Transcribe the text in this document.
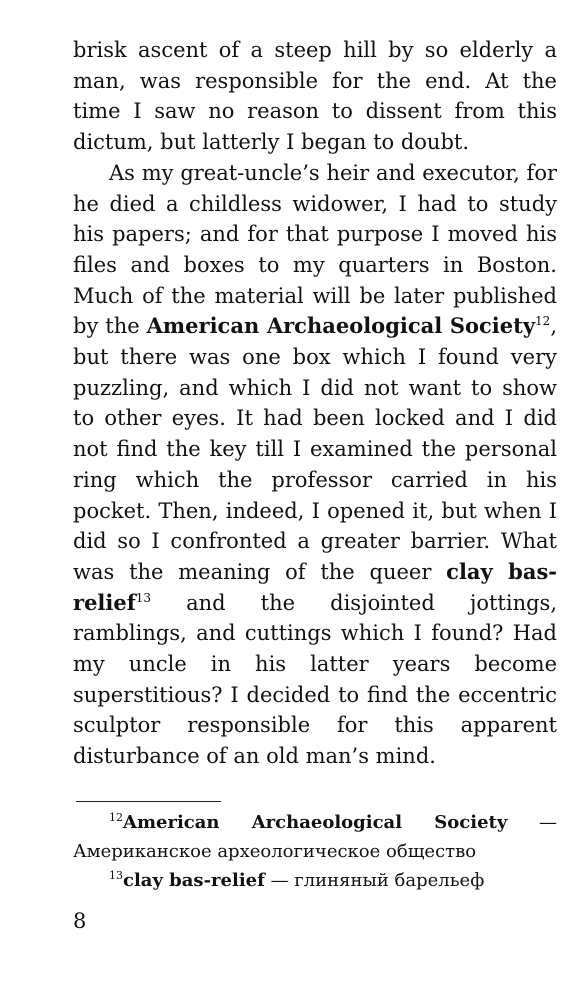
brisk ascent of a steep hill by so elderly a man, was responsible for the end. At the time I saw no reason to dissent from this dictum, but latterly I began to doubt.

As my great-uncle’s heir and executor, for he died a childless widower, I had to study his papers; and for that purpose I moved his files and boxes to my quarters in Boston. Much of the material will be later published by the American Archaeological Society$^{12}$, but there was one box which I found very puzzling, and which I did not want to show to other eyes. It had been locked and I did not find the key till I examined the personal ring which the professor carried in his pocket. Then, indeed, I opened it, but when I did so I confronted a greater barrier. What was the meaning of the queer clay bas-relief$^{13}$ and the disjointed jottings, ramblings, and cuttings which I found? Had my uncle in his latter years become superstitious? I decided to find the eccentric sculptor responsible for this apparent disturbance of an old man’s mind.

$^{12}$American Archaeological Society — Американское археологическое общество

$^{13}$clay bas-relief — глиняный барельеф

8
